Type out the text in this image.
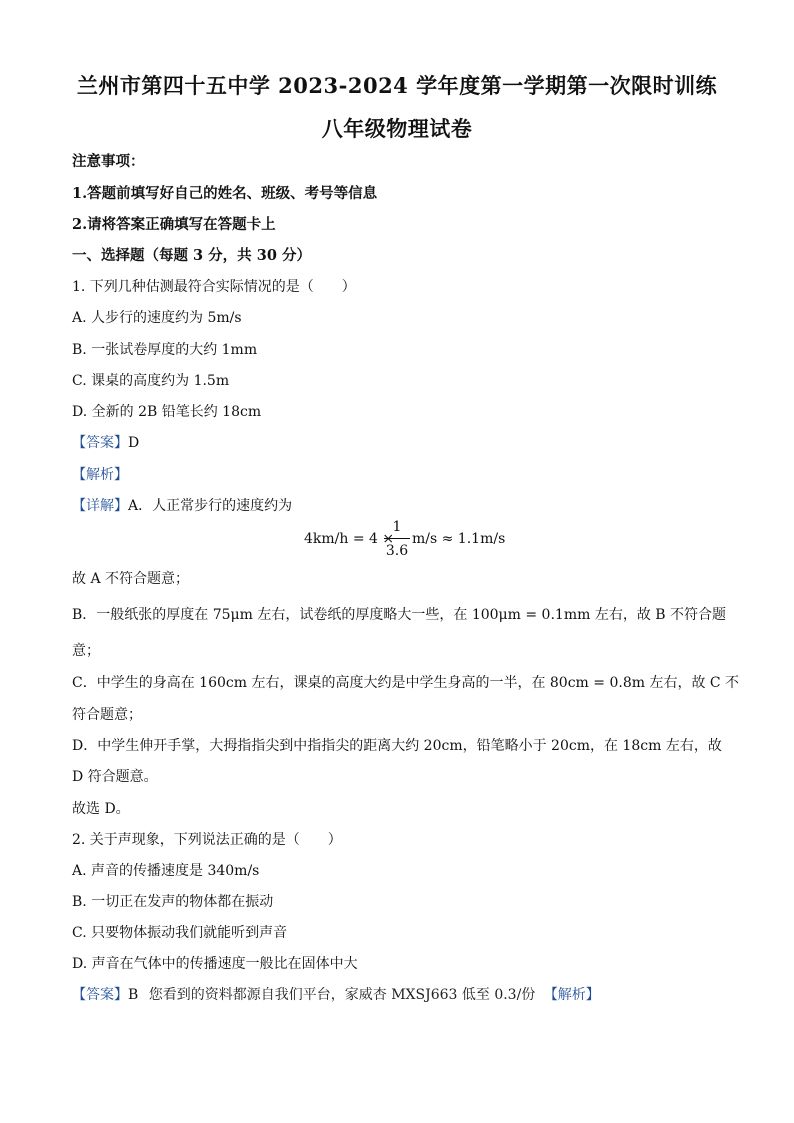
兰州市第四十五中学 2023-2024 学年度第一学期第一次限时训练
八年级物理试卷
注意事项：
1.答题前填写好自己的姓名、班级、考号等信息
2.请将答案正确填写在答题卡上
一、选择题（每题 3 分，共 30 分）
1. 下列几种估测最符合实际情况的是（　　）
A. 人步行的速度约为 5m/s
B. 一张试卷厚度的大约 1mm
C. 课桌的高度约为 1.5m
D. 全新的 2B 铅笔长约 18cm
【答案】D
【解析】
【详解】A．人正常步行的速度约为
4km/h = 4 ×
1
3.6
m/s ≈ 1.1m/s
故 A 不符合题意；
B．一般纸张的厚度在 75μm 左右，试卷纸的厚度略大一些，在 100μm = 0.1mm 左右，故 B 不符合题
意；
C．中学生的身高在 160cm 左右，课桌的高度大约是中学生身高的一半，在 80cm = 0.8m 左右，故 C 不
符合题意；
D．中学生伸开手掌，大拇指指尖到中指指尖的距离大约 20cm，铅笔略小于 20cm，在 18cm 左右，故
D 符合题意。
故选 D。
2. 关于声现象，下列说法正确的是（　　）
A. 声音的传播速度是 340m/s
B. 一切正在发声的物体都在振动
C. 只要物体振动我们就能听到声音
D. 声音在气体中的传播速度一般比在固体中大
【答案】B 您看到的资料都源自我们平台，家威杏 MXSJ663 低至 0.3/份 【解析】
